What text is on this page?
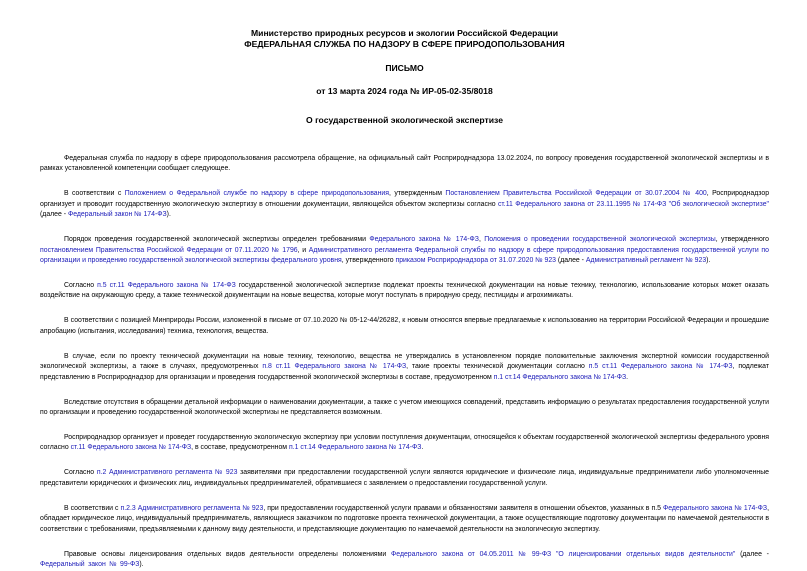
Министерство природных ресурсов и экологии Российской Федерации
ФЕДЕРАЛЬНАЯ СЛУЖБА ПО НАДЗОРУ В СФЕРЕ ПРИРОДОПОЛЬЗОВАНИЯ
ПИСЬМО
от 13 марта 2024 года № ИР-05-02-35/8018
О государственной экологической экспертизе

Федеральная служба по надзору в сфере природопользования рассмотрела обращение, на официальный сайт Росприроднадзора 13.02.2024, по вопросу проведения государственной экологической экспертизы и в рамках установленной компетенции сообщает следующее.

В соответствии с Положением о Федеральной службе по надзору в сфере природопользования, утвержденным Постановлением Правительства Российской Федерации от 30.07.2004 № 400, Росприроднадзор организует и проводит государственную экологическую экспертизу в отношении документации, являющейся объектом экспертизы согласно ст.11 Федерального закона от 23.11.1995 № 174-ФЗ "Об экологической экспертизе" (далее - Федеральный закон № 174-ФЗ).

Порядок проведения государственной экологической экспертизы определен требованиями Федерального закона № 174-ФЗ, Положения о проведении государственной экологической экспертизы, утвержденного постановлением Правительства Российской Федерации от 07.11.2020 № 1796, и Административного регламента Федеральной службы по надзору в сфере природопользования предоставления государственной услуги по организации и проведению государственной экологической экспертизы федерального уровня, утвержденного приказом Росприроднадзора от 31.07.2020 № 923 (далее - Административный регламент № 923).

Согласно п.5 ст.11 Федерального закона № 174-ФЗ государственной экологической экспертизе подлежат проекты технической документации на новые технику, технологию, использование которых может оказать воздействие на окружающую среду, а также технической документации на новые вещества, которые могут поступать в природную среду, пестициды и агрохимикаты.

В соответствии с позицией Минприроды России, изложенной в письме от 07.10.2020 № 05-12-44/26282, к новым относятся впервые предлагаемые к использованию на территории Российской Федерации и прошедшие апробацию (испытания, исследования) техника, технология, вещества.

В случае, если по проекту технической документации на новые технику, технологию, вещества не утверждались в установленном порядке положительные заключения экспертной комиссии государственной экологической экспертизы, а также в случаях, предусмотренных п.8 ст.11 Федерального закона № 174-ФЗ, такие проекты технической документации согласно п.5 ст.11 Федерального закона № 174-ФЗ, подлежат представлению в Росприроднадзор для организации и проведения государственной экологической экспертизы в составе, предусмотренном п.1 ст.14 Федерального закона № 174-ФЗ.

Вследствие отсутствия в обращении детальной информации о наименовании документации, а также с учетом имеющихся совпадений, представить информацию о результатах предоставления государственной услуги по организации и проведению государственной экологической экспертизы не представляется возможным.

Росприроднадзор организует и проведет государственную экологическую экспертизу при условии поступления документации, относящейся к объектам государственной экологической экспертизы федерального уровня согласно ст.11 Федерального закона № 174-ФЗ, в составе, предусмотренном п.1 ст.14 Федерального закона № 174-ФЗ.

Согласно п.2 Административного регламента № 923 заявителями при предоставлении государственной услуги являются юридические и физические лица, индивидуальные предприниматели либо уполномоченные представители юридических и физических лиц, индивидуальных предпринимателей, обратившиеся с заявлением о предоставлении государственной услуги.

В соответствии с п.2.3 Административного регламента № 923, при предоставлении государственной услуги правами и обязанностями заявителя в отношении объектов, указанных в п.5 Федерального закона № 174-ФЗ, обладает юридическое лицо, индивидуальный предприниматель, являющиеся заказчиком по подготовке проекта технической документации, а также осуществляющие подготовку документации по намечаемой деятельности в соответствии с требованиями, предъявляемыми к данному виду деятельности, и представляющие документацию по намечаемой деятельности на экологическую экспертизу.

Правовые основы лицензирования отдельных видов деятельности определены положениями Федерального закона от 04.05.2011 № 99-ФЗ "О лицензировании отдельных видов деятельности" (далее - Федеральный закон № 99-ФЗ).
